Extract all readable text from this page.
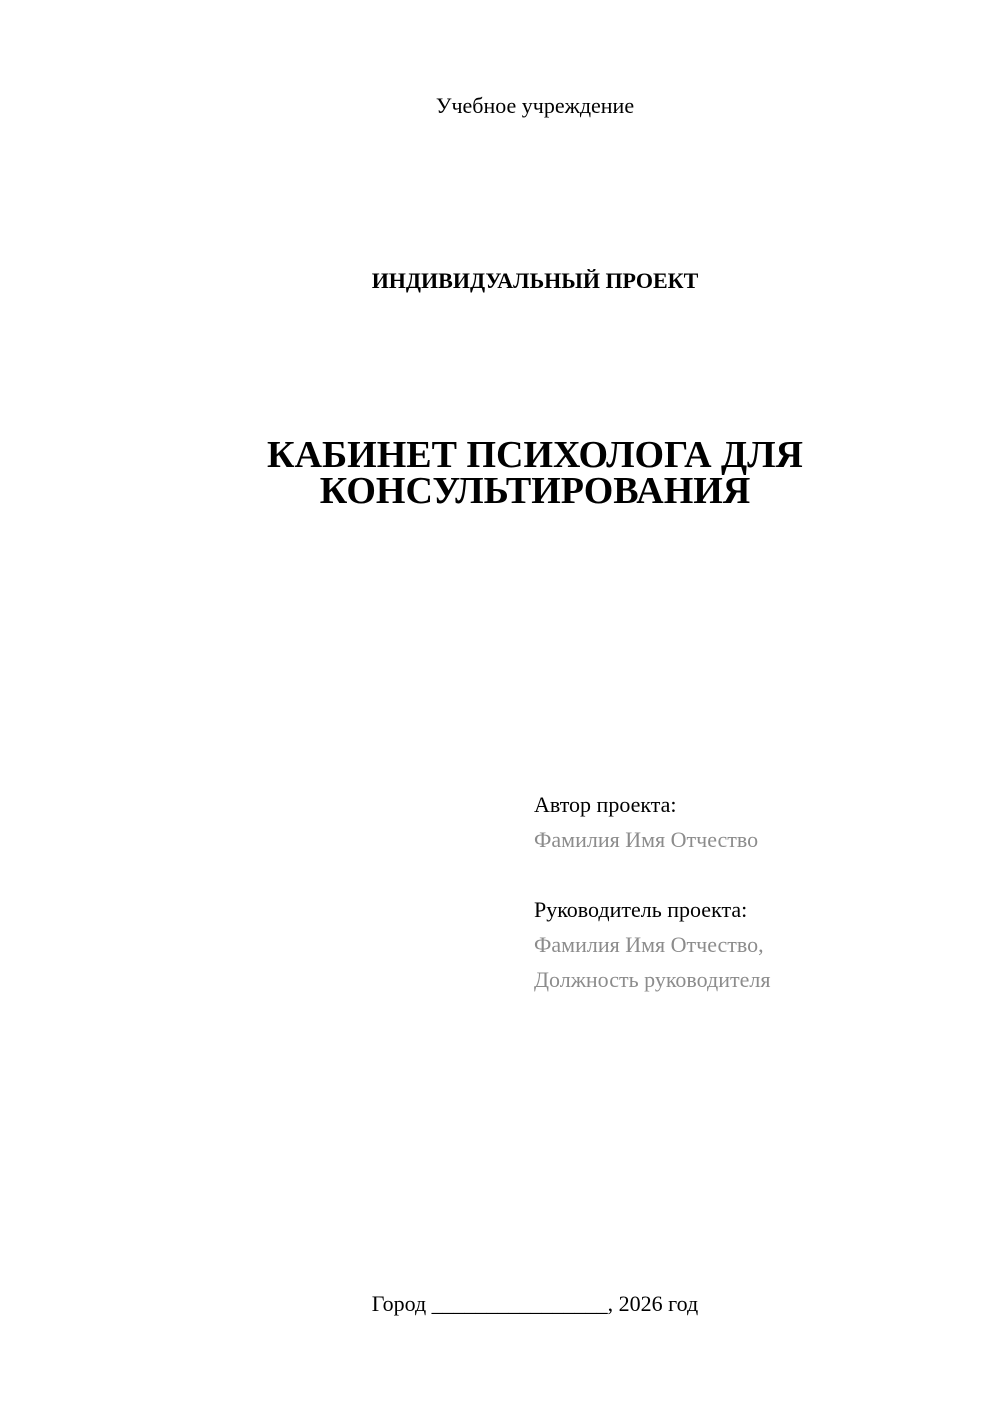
Учебное учреждение
ИНДИВИДУАЛЬНЫЙ ПРОЕКТ
КАБИНЕТ ПСИХОЛОГА ДЛЯ
КОНСУЛЬТИРОВАНИЯ
Автор проекта:
Фамилия Имя Отчество
Руководитель проекта:
Фамилия Имя Отчество,
Должность руководителя
Город ________________, 2026 год
